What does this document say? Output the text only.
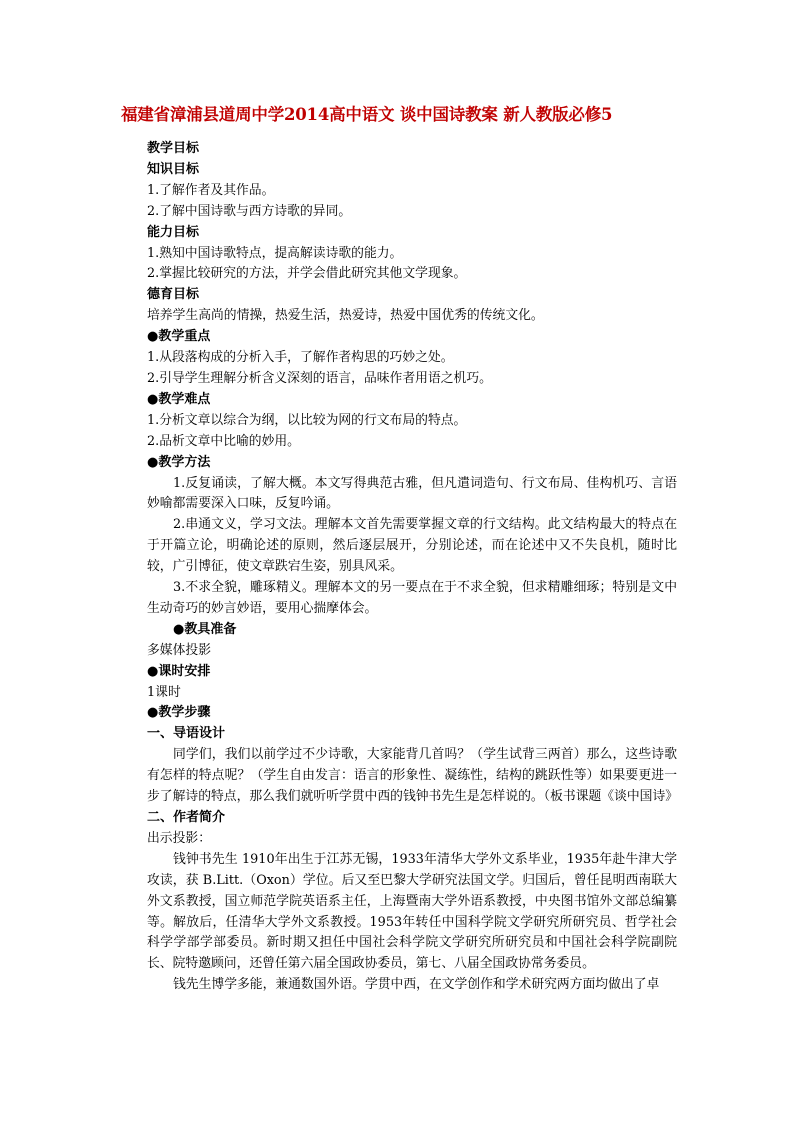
福建省漳浦县道周中学2014高中语文 谈中国诗教案 新人教版必修5
教学目标
知识目标
1.了解作者及其作品。
2.了解中国诗歌与西方诗歌的异同。
能力目标
1.熟知中国诗歌特点，提高解读诗歌的能力。
2.掌握比较研究的方法，并学会借此研究其他文学现象。
德育目标
培养学生高尚的情操，热爱生活，热爱诗，热爱中国优秀的传统文化。
●教学重点
1.从段落构成的分析入手，了解作者构思的巧妙之处。
2.引导学生理解分析含义深刻的语言，品味作者用语之机巧。
●教学难点
1.分析文章以综合为纲，以比较为网的行文布局的特点。
2.品析文章中比喻的妙用。
●教学方法
1.反复诵读，了解大概。本文写得典范古雅，但凡遣词造句、行文布局、佳构机巧、言语妙喻都需要深入口味，反复吟诵。
2.串通文义，学习文法。理解本文首先需要掌握文章的行文结构。此文结构最大的特点在于开篇立论，明确论述的原则，然后逐层展开，分别论述，而在论述中又不失良机，随时比较，广引博征，使文章跌宕生姿，别具风采。
3.不求全貌，雕琢精义。理解本文的另一要点在于不求全貌，但求精雕细琢；特别是文中生动奇巧的妙言妙语，要用心揣摩体会。
●教具准备
多媒体投影
●课时安排
1课时
●教学步骤
一、导语设计
同学们，我们以前学过不少诗歌，大家能背几首吗？（学生试背三两首）那么，这些诗歌有怎样的特点呢？（学生自由发言：语言的形象性、凝练性，结构的跳跃性等）如果要更进一步了解诗的特点，那么我们就听听学贯中西的钱钟书先生是怎样说的。（板书课题《谈中国诗》
二、作者简介
出示投影：
钱钟书先生 1910年出生于江苏无锡，1933年清华大学外文系毕业，1935年赴牛津大学攻读，获 B.Litt.（Oxon）学位。后又至巴黎大学研究法国文学。归国后，曾任昆明西南联大外文系教授，国立师范学院英语系主任，上海暨南大学外语系教授，中央图书馆外文部总编纂等。解放后，任清华大学外文系教授。1953年转任中国科学院文学研究所研究员、哲学社会科学学部学部委员。新时期又担任中国社会科学院文学研究所研究员和中国社会科学院副院长、院特邀顾问，还曾任第六届全国政协委员，第七、八届全国政协常务委员。
钱先生博学多能，兼通数国外语。学贯中西，在文学创作和学术研究两方面均做出了卓
